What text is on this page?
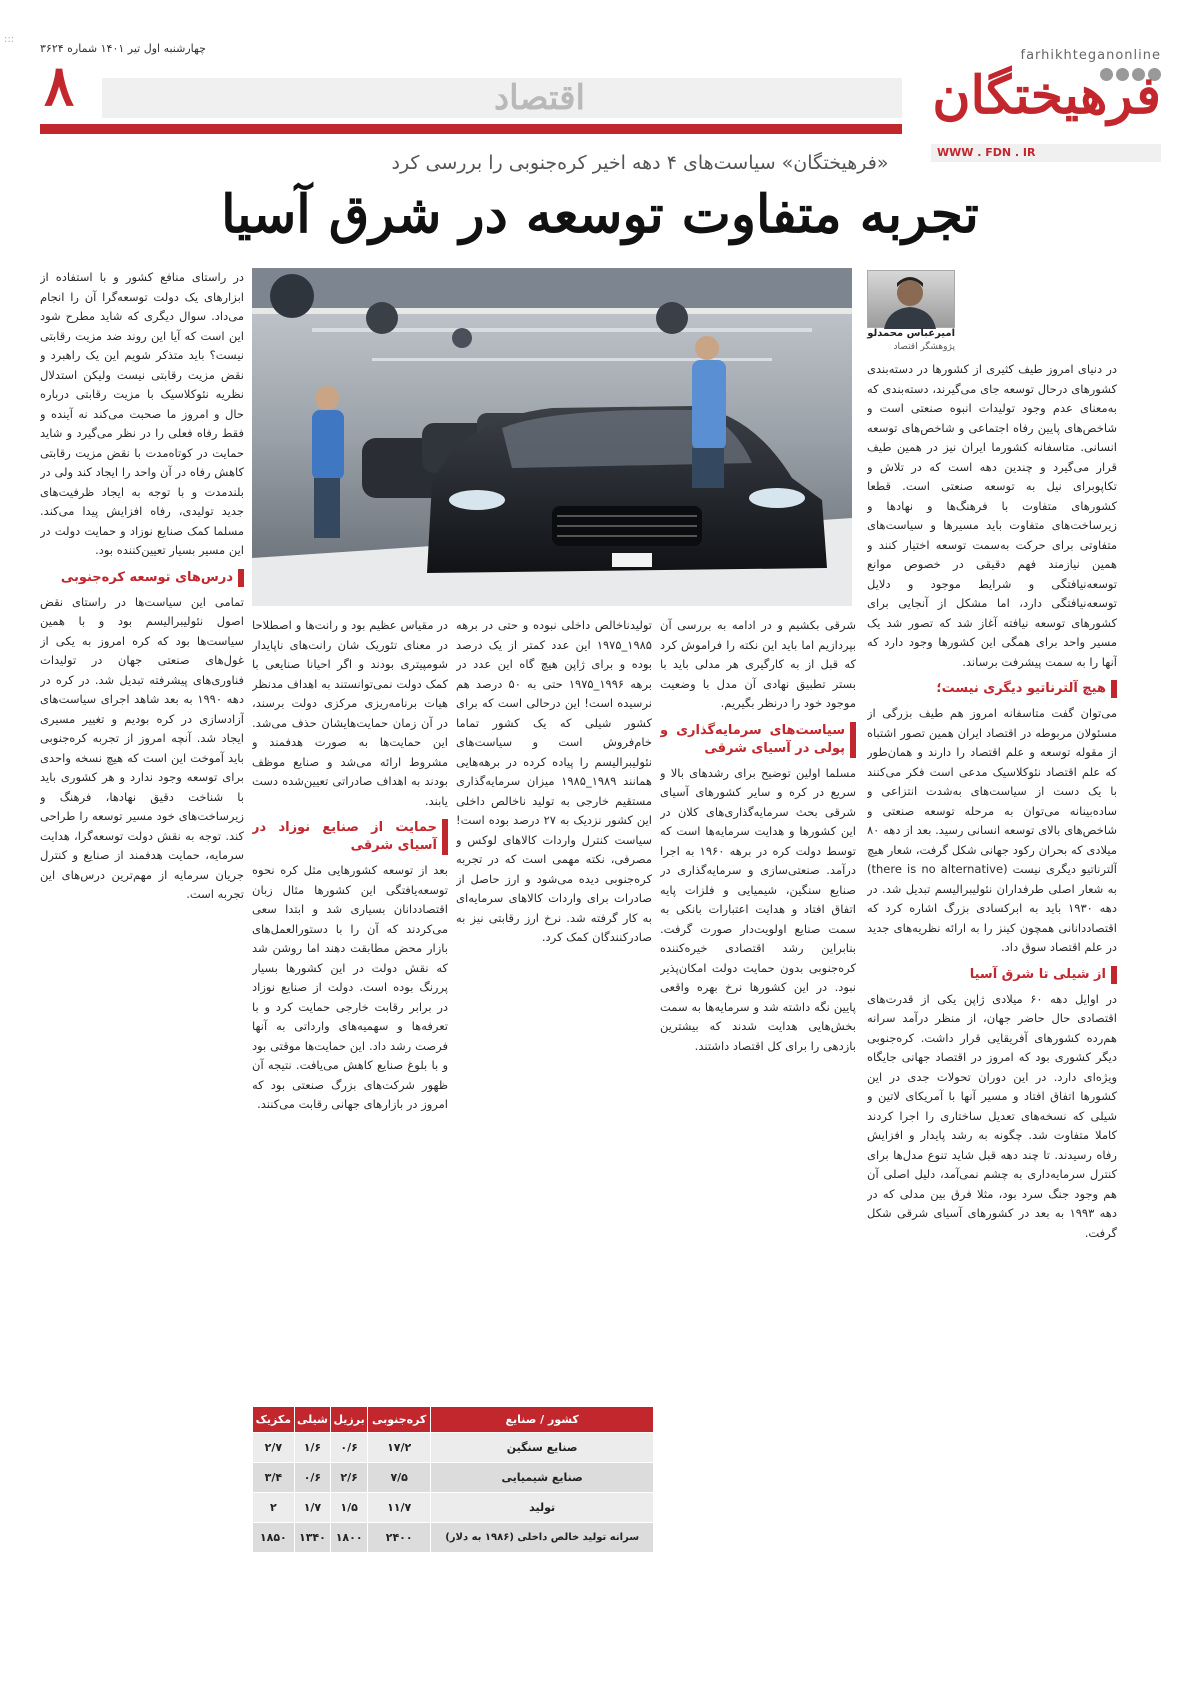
۸
چهارشنبه اول تیر ۱۴۰۱ شماره ۳۶۲۴
اقتصاد
farhikhteganonline
فرهیختگان
WWW . FDN . IR
:::
«فرهیختگان» سیاست‌های ۴ دهه اخیر کره‌جنوبی را بررسی کرد
تجربه متفاوت توسعه در شرق آسیا
امیرعباس محمدلو
پژوهشگر اقتصاد

در دنیای امروز طیف کثیری از کشورها در دسته‌بندی کشورهای درحال توسعه جای می‌گیرند، دسته‌بندی که به‌معنای عدم وجود تولیدات انبوه صنعتی است و شاخص‌های پایین رفاه اجتماعی و شاخص‌های توسعه انسانی. متاسفانه کشورما ایران نیز در همین طیف قرار می‌گیرد و چندین دهه است که در تلاش و تکاپوبرای نیل به توسعه صنعتی است. قطعا کشورهای متفاوت با فرهنگ‌ها و نهادها و زیرساخت‌های متفاوت باید مسیرها و سیاست‌های متفاوتی برای حرکت به‌سمت توسعه اختیار کنند و همین نیازمند فهم دقیقی در خصوص موانع توسعه‌نیافتگی و شرایط موجود و دلایل توسعه‌نیافتگی دارد، اما مشکل از آنجایی برای کشورهای توسعه نیافته آغاز شد که تصور شد یک مسیر واحد برای همگی این کشورها وجود دارد که آنها را به سمت پیشرفت برساند.

هیچ آلترناتیو دیگری نیست؛

می‌توان گفت متاسفانه امروز هم طیف بزرگی از مسئولان مربوطه در اقتصاد ایران همین تصور اشتباه از مقوله توسعه و علم اقتصاد را دارند و همان‌طور که علم اقتصاد نئوکلاسیک مدعی است فکر می‌کنند با یک دست از سیاست‌های به‌شدت انتزاعی و ساده‌بینانه می‌توان به مرحله توسعه صنعتی و شاخص‌های بالای توسعه انسانی رسید. بعد از دهه ۸۰ میلادی که بحران رکود جهانی شکل گرفت، شعار هیچ آلترناتیو دیگری نیست (there is no alternative) به شعار اصلی طرفداران نئولیبرالیسم تبدیل شد. در دهه ۱۹۳۰ باید به ابرکسادی بزرگ اشاره کرد که اقتصاددانانی همچون کینز را به ارائه نظریه‌های جدید در علم اقتصاد سوق داد.

از شیلی تا شرق آسیا

در اوایل دهه ۶۰ میلادی ژاپن یکی از قدرت‌های اقتصادی حال حاضر جهان، از منظر درآمد سرانه هم‌رده کشورهای آفریقایی قرار داشت. کره‌جنوبی دیگر کشوری بود که امروز در اقتصاد جهانی جایگاه ویژه‌ای دارد. در این دوران تحولات جدی در این کشورها اتفاق افتاد و مسیر آنها با آمریکای لاتین و شیلی که نسخه‌های تعدیل ساختاری را اجرا کردند کاملا متفاوت شد. چگونه به رشد پایدار و افزایش رفاه رسیدند. تا چند دهه قبل شاید تنوع مدل‌ها برای کنترل سرمایه‌داری به چشم نمی‌آمد، دلیل اصلی آن هم وجود جنگ سرد بود، مثلا فرق بین مدلی که در دهه ۱۹۹۳ به بعد در کشورهای آسیای شرقی شکل گرفت.

شرقی بکشیم و در ادامه به بررسی آن بپردازیم اما باید این نکته را فراموش کرد که قبل از به کارگیری هر مدلی باید با بستر تطبیق نهادی آن مدل با وضعیت موجود خود را درنظر بگیریم.

سیاست‌های سرمایه‌گذاری و پولی در آسیای شرقی

مسلما اولین توضیح برای رشد‌های بالا و سریع در کره و سایر کشورهای آسیای شرقی بحث سرمایه‌گذاری‌های کلان در این کشورها و هدایت سرمایه‌ها است که توسط دولت کره در برهه ۱۹۶۰ به اجرا درآمد. صنعتی‌سازی و سرمایه‌گذاری در صنایع سنگین، شیمیایی و فلزات پایه اتفاق افتاد و هدایت اعتبارات بانکی به سمت صنایع اولویت‌دار صورت گرفت. بنابراین رشد اقتصادی خیره‌کننده کره‌جنوبی بدون حمایت دولت امکان‌پذیر نبود. در این کشورها نرخ بهره واقعی پایین نگه داشته شد و سرمایه‌ها به سمت بخش‌هایی هدایت شدند که بیشترین بازدهی را برای کل اقتصاد داشتند.

تولیدناخالص داخلی نبوده و حتی در برهه ۱۹۸۵_۱۹۷۵ این عدد کمتر از یک درصد بوده و برای ژاپن هیچ گاه این عدد در برهه ۱۹۹۶_۱۹۷۵ حتی به ۵۰ درصد هم نرسیده است! این درحالی است که برای کشور شیلی که یک کشور تماما خام‌فروش است و سیاست‌های نئولیبرالیسم را پیاده کرده در برهه‌هایی همانند ۱۹۸۹_۱۹۸۵ میزان سرمایه‌گذاری مستقیم خارجی به تولید ناخالص داخلی این کشور نزدیک به ۲۷ درصد بوده است! سیاست کنترل واردات کالاهای لوکس و مصرفی، نکته مهمی است که در تجربه کره‌جنوبی دیده می‌شود و ارز حاصل از صادرات برای واردات کالاهای سرمایه‌ای به کار گرفته شد. نرخ ارز رقابتی نیز به صادرکنندگان کمک کرد.

در مقیاس عظیم بود و رانت‌ها و اصطلاحا در معنای تئوریک شان رانت‌های ناپایدار شومپیتری بودند و اگر احیانا صنایعی با کمک دولت نمی‌توانستند به اهداف مدنظر هیات برنامه‌ریزی مرکزی دولت برسند، در آن زمان حمایت‌هایشان حذف می‌شد. این حمایت‌ها به صورت هدفمند و مشروط ارائه می‌شد و صنایع موظف بودند به اهداف صادراتی تعیین‌شده دست یابند.

حمایت از صنایع نوزاد در آسیای شرقی

بعد از توسعه کشورهایی مثل کره نحوه توسعه‌یافتگی این کشورها مثال زبان اقتصاددانان بسیاری شد و ابتدا سعی می‌کردند که آن را با دستورالعمل‌های بازار محض مطابقت دهند اما روشن شد که نقش دولت در این کشورها بسیار پررنگ بوده است. دولت از صنایع نوزاد در برابر رقابت خارجی حمایت کرد و با تعرفه‌ها و سهمیه‌های وارداتی به آنها فرصت رشد داد. این حمایت‌ها موقتی بود و با بلوغ صنایع کاهش می‌یافت. نتیجه آن ظهور شرکت‌های بزرگ صنعتی بود که امروز در بازارهای جهانی رقابت می‌کنند.

در راستای منافع کشور و با استفاده از ابزارهای یک دولت توسعه‌گرا آن را انجام می‌داد. سوال دیگری که شاید مطرح شود این است که آیا این روند ضد مزیت رقابتی نیست؟ باید متذکر شویم این یک راهبرد و نقض مزیت رقابتی نیست ولیکن استدلال نظریه نئوکلاسیک با مزیت رقابتی درباره حال و امروز ما صحبت می‌کند نه آینده و فقط رفاه فعلی را در نظر می‌گیرد و شاید حمایت در کوتاه‌مدت با نقض مزیت رقابتی کاهش رفاه در آن واحد را ایجاد کند ولی در بلندمدت و با توجه به ایجاد ظرفیت‌های جدید تولیدی، رفاه افزایش پیدا می‌کند. مسلما کمک صنایع نوزاد و حمایت دولت در این مسیر بسیار تعیین‌کننده بود.

درس‌های توسعه کره‌جنوبی

تمامی این سیاست‌ها در راستای نقض اصول نئولیبرالیسم بود و با همین سیاست‌ها بود که کره امروز به یکی از غول‌های صنعتی جهان در تولیدات فناوری‌های پیشرفته تبدیل شد. در کره در دهه ۱۹۹۰ به بعد شاهد اجرای سیاست‌های آزادسازی در کره بودیم و تغییر مسیری ایجاد شد. آنچه امروز از تجربه کره‌جنوبی باید آموخت این است که هیچ نسخه واحدی برای توسعه وجود ندارد و هر کشوری باید با شناخت دقیق نهادها، فرهنگ و زیرساخت‌های خود مسیر توسعه را طراحی کند. توجه به نقش دولت توسعه‌گرا، هدایت سرمایه، حمایت هدفمند از صنایع و کنترل جریان سرمایه از مهم‌ترین درس‌های این تجربه است.

کشور / صنایع	کره‌جنوبی	برزیل	شیلی	مکزیک
صنایع سنگین	۱۷/۲	۰/۶	۱/۶	۲/۷
صنایع شیمیایی	۷/۵	۲/۶	۰/۶	۳/۴
تولید	۱۱/۷	۱/۵	۱/۷	۲
سرانه تولید خالص داخلی (۱۹۸۶ به دلار)	۲۴۰۰	۱۸۰۰	۱۳۴۰	۱۸۵۰
